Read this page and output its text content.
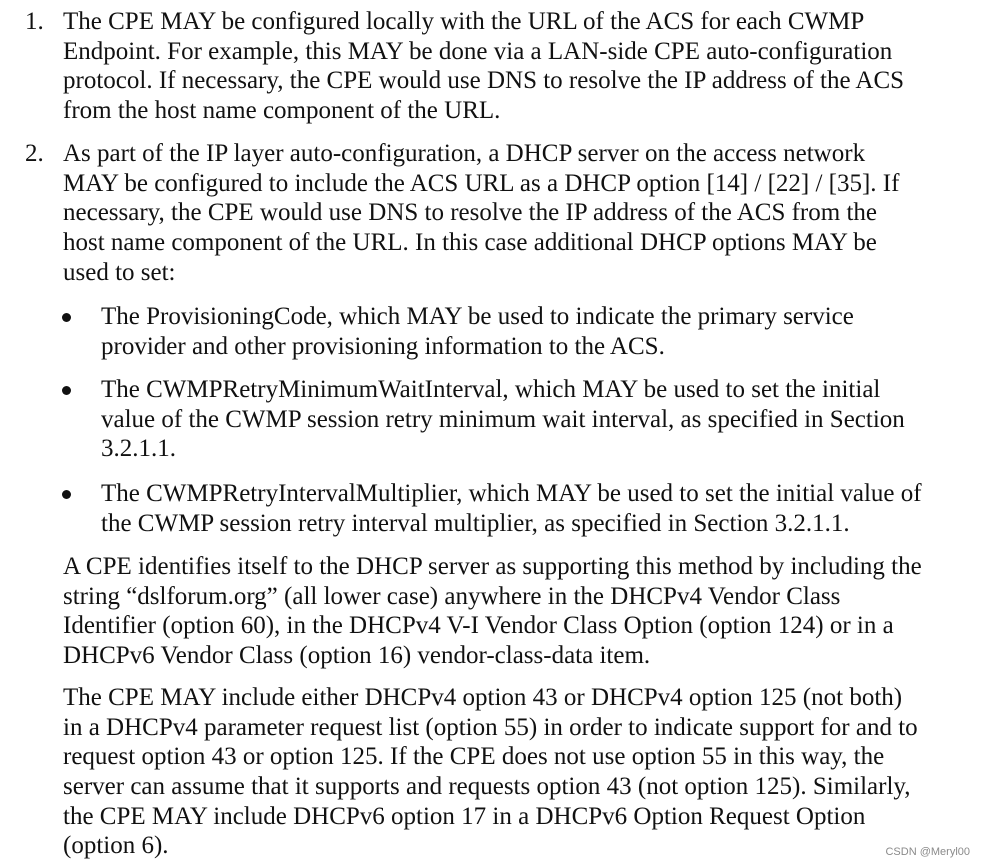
1. The CPE MAY be configured locally with the URL of the ACS for each CWMP
Endpoint. For example, this MAY be done via a LAN-side CPE auto-configuration
protocol. If necessary, the CPE would use DNS to resolve the IP address of the ACS
from the host name component of the URL.
2. As part of the IP layer auto-configuration, a DHCP server on the access network
MAY be configured to include the ACS URL as a DHCP option [14] / [22] / [35]. If
necessary, the CPE would use DNS to resolve the IP address of the ACS from the
host name component of the URL. In this case additional DHCP options MAY be
used to set:
The ProvisioningCode, which MAY be used to indicate the primary service
provider and other provisioning information to the ACS.
The CWMPRetryMinimumWaitInterval, which MAY be used to set the initial
value of the CWMP session retry minimum wait interval, as specified in Section
3.2.1.1.
The CWMPRetryIntervalMultiplier, which MAY be used to set the initial value of
the CWMP session retry interval multiplier, as specified in Section 3.2.1.1.
A CPE identifies itself to the DHCP server as supporting this method by including the
string “dslforum.org” (all lower case) anywhere in the DHCPv4 Vendor Class
Identifier (option 60), in the DHCPv4 V-I Vendor Class Option (option 124) or in a
DHCPv6 Vendor Class (option 16) vendor-class-data item.
The CPE MAY include either DHCPv4 option 43 or DHCPv4 option 125 (not both)
in a DHCPv4 parameter request list (option 55) in order to indicate support for and to
request option 43 or option 125. If the CPE does not use option 55 in this way, the
server can assume that it supports and requests option 43 (not option 125). Similarly,
the CPE MAY include DHCPv6 option 17 in a DHCPv6 Option Request Option
(option 6).	CSDN @Meryl00
